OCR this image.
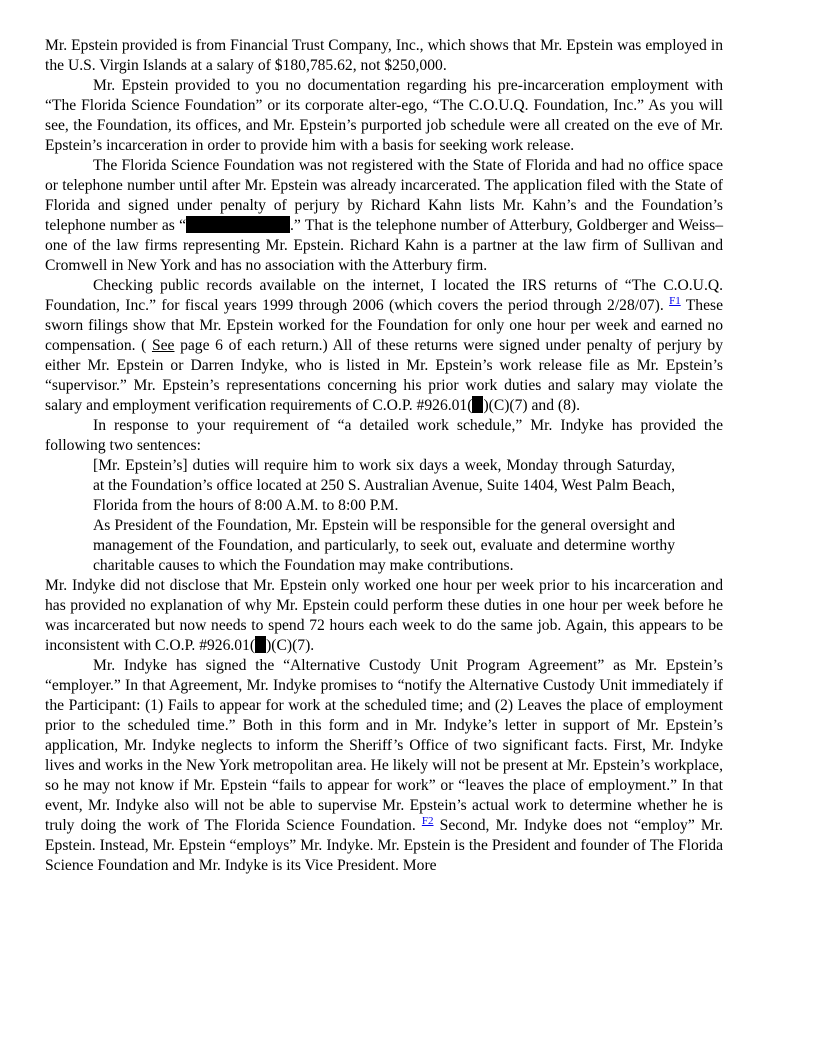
Mr. Epstein provided is from Financial Trust Company, Inc., which shows that Mr. Epstein was employed in the U.S. Virgin Islands at a salary of $180,785.62, not $250,000.

Mr. Epstein provided to you no documentation regarding his pre-incarceration employment with “The Florida Science Foundation” or its corporate alter-ego, “The C.O.U.Q. Foundation, Inc.” As you will see, the Foundation, its offices, and Mr. Epstein’s purported job schedule were all created on the eve of Mr. Epstein’s incarceration in order to provide him with a basis for seeking work release.

The Florida Science Foundation was not registered with the State of Florida and had no office space or telephone number until after Mr. Epstein was already incarcerated. The application filed with the State of Florida and signed under penalty of perjury by Richard Kahn lists Mr. Kahn’s and the Foundation’s telephone number as “	.” That is the telephone number of Atterbury, Goldberger and Weiss–one of the law firms representing Mr. Epstein. Richard Kahn is a partner at the law firm of Sullivan and Cromwell in New York and has no association with the Atterbury firm.

Checking public records available on the internet, I located the IRS returns of “The C.O.U.Q. Foundation, Inc.” for fiscal years 1999 through 2006 (which covers the period through 2/28/07). $^{F1}$ These sworn filings show that Mr. Epstein worked for the Foundation for only one hour per week and earned no compensation. ( See page 6 of each return.) All of these returns were signed under penalty of perjury by either Mr. Epstein or Darren Indyke, who is listed in Mr. Epstein’s work release file as Mr. Epstein’s “supervisor.” Mr. Epstein’s representations concerning his prior work duties and salary may violate the salary and employment verification requirements of C.O.P. #926.01( )(C)(7) and (8).

In response to your requirement of “a detailed work schedule,” Mr. Indyke has provided the following two sentences:

[Mr. Epstein’s] duties will require him to work six days a week, Monday through Saturday, at the Foundation’s office located at 250 S. Australian Avenue, Suite 1404, West Palm Beach, Florida from the hours of 8:00 A.M. to 8:00 P.M.

As President of the Foundation, Mr. Epstein will be responsible for the general oversight and management of the Foundation, and particularly, to seek out, evaluate and determine worthy charitable causes to which the Foundation may make contributions.

Mr. Indyke did not disclose that Mr. Epstein only worked one hour per week prior to his incarceration and has provided no explanation of why Mr. Epstein could perform these duties in one hour per week before he was incarcerated but now needs to spend 72 hours each week to do the same job. Again, this appears to be inconsistent with C.O.P. #926.01( )(C)(7).

Mr. Indyke has signed the “Alternative Custody Unit Program Agreement” as Mr. Epstein’s “employer.” In that Agreement, Mr. Indyke promises to “notify the Alternative Custody Unit immediately if the Participant: (1) Fails to appear for work at the scheduled time; and (2) Leaves the place of employment prior to the scheduled time.” Both in this form and in Mr. Indyke’s letter in support of Mr. Epstein’s application, Mr. Indyke neglects to inform the Sheriff’s Office of two significant facts. First, Mr. Indyke lives and works in the New York metropolitan area. He likely will not be present at Mr. Epstein’s workplace, so he may not know if Mr. Epstein “fails to appear for work” or “leaves the place of employment.” In that event, Mr. Indyke also will not be able to supervise Mr. Epstein’s actual work to determine whether he is truly doing the work of The Florida Science Foundation. $^{F2}$ Second, Mr. Indyke does not “employ” Mr. Epstein. Instead, Mr. Epstein “employs” Mr. Indyke. Mr. Epstein is the President and founder of The Florida Science Foundation and Mr. Indyke is its Vice President. More
